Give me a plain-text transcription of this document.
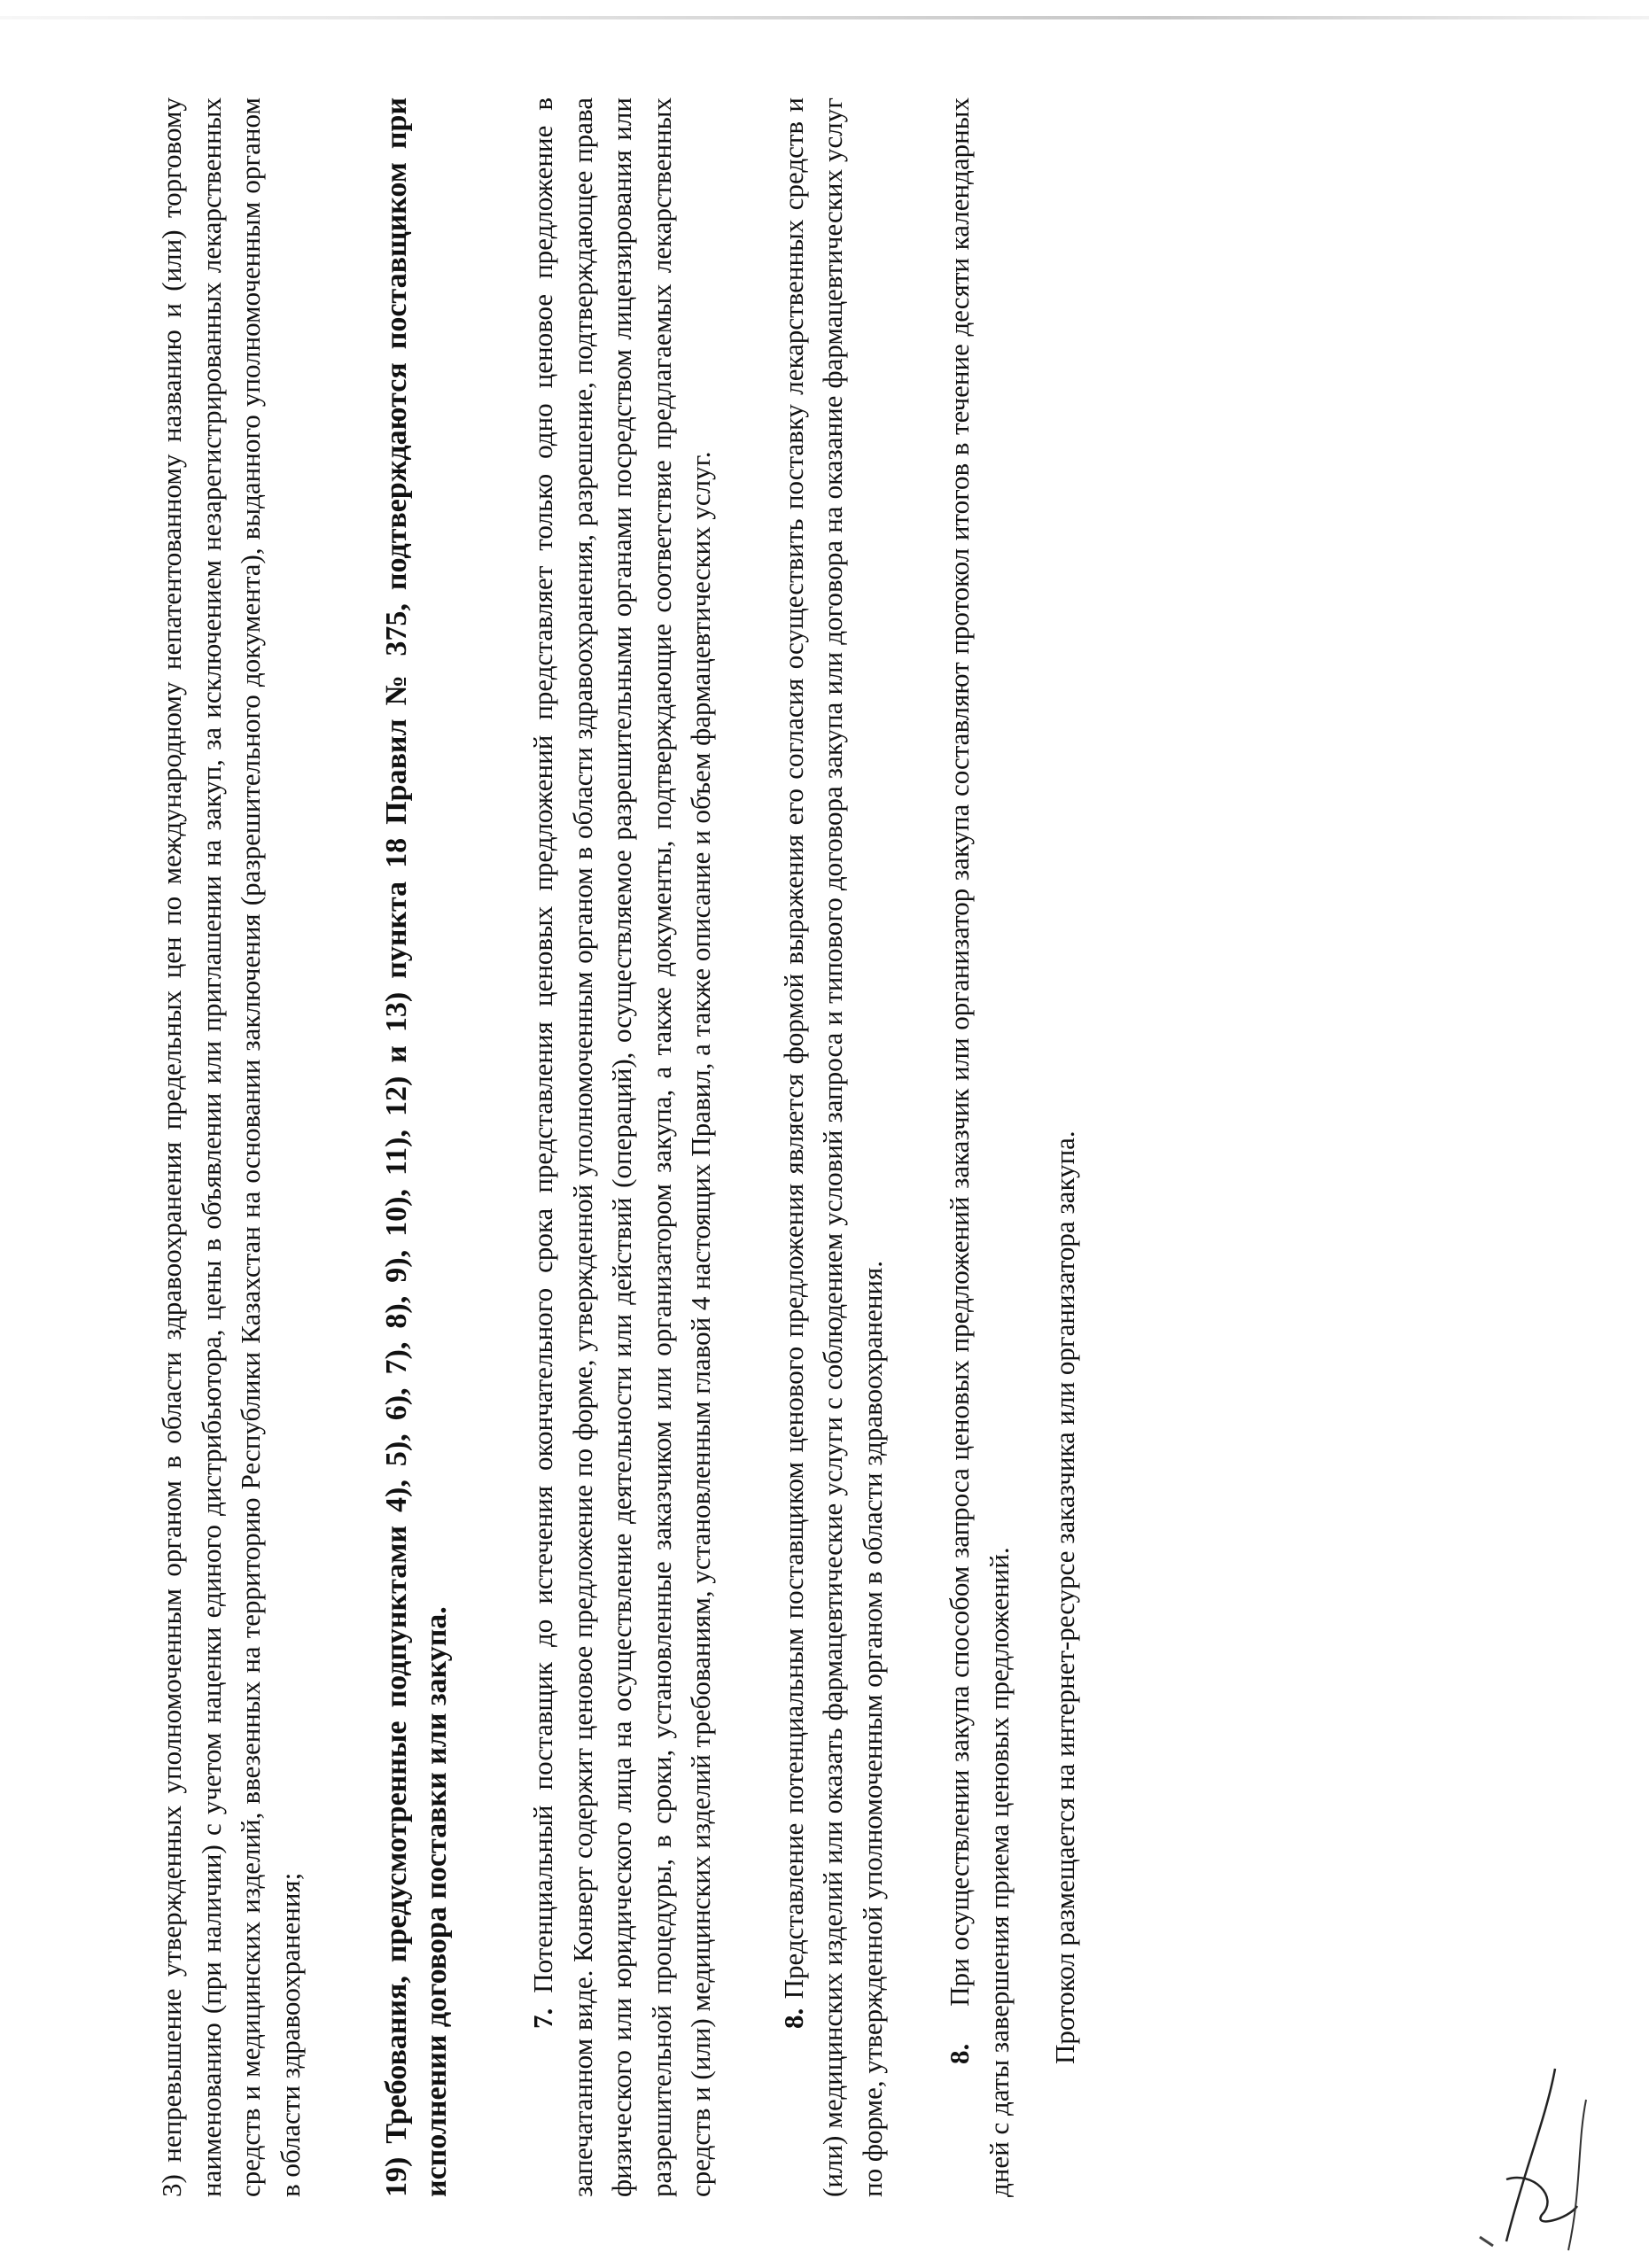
3) непревышение утвержденных уполномоченным органом в области здравоохранения предельных цен по международному непатентованному названию и (или) торговому наименованию (при наличии) с учетом наценки единого дистрибьютора, цены в объявлении или приглашении на закуп, за исключением незарегистрированных лекарственных средств и медицинских изделий, ввезенных на территорию Республики Казахстан на основании заключения (разрешительного документа), выданного уполномоченным органом в области здравоохранения; 19) Требования, предусмотренные подпунктами 4), 5), 6), 7), 8), 9), 10), 11), 12) и 13) пункта 18 Правил № 375, подтверждаются поставщиком при исполнении договора поставки или закупа.	7. Потенциальный поставщик до истечения окончательного срока представления ценовых предложений представляет только одно ценовое предложение в запечатанном виде. Конверт содержит ценовое предложение по форме, утвержденной уполномоченным органом в области здравоохранения, разрешение, подтверждающее права физического или юридического лица на осуществление деятельности или действий (операций), осуществляемое разрешительными органами посредством лицензирования или разрешительной процедуры, в сроки, установленные заказчиком или организатором закупа, а также документы, подтверждающие соответствие предлагаемых лекарственных средств и (или) медицинских изделий требованиям, установленным главой 4 настоящих Правил, а также описание и объем фармацевтических услуг. 8. Представление потенциальным поставщиком ценового предложения является формой выражения его согласия осуществить поставку лекарственных средств и (или) медицинских изделий или оказать фармацевтические услуги с соблюдением условий запроса и типового договора закупа или договора на оказание фармацевтических услуг по форме, утвержденной уполномоченным органом в области здравоохранения. 8.При осуществлении закупа способом запроса ценовых предложений заказчик или организатор закупа составляют протокол итогов в течение десяти календарных дней с даты завершения приема ценовых предложений. Протокол размещается на интернет-ресурсе заказчика или организатора закупа.
